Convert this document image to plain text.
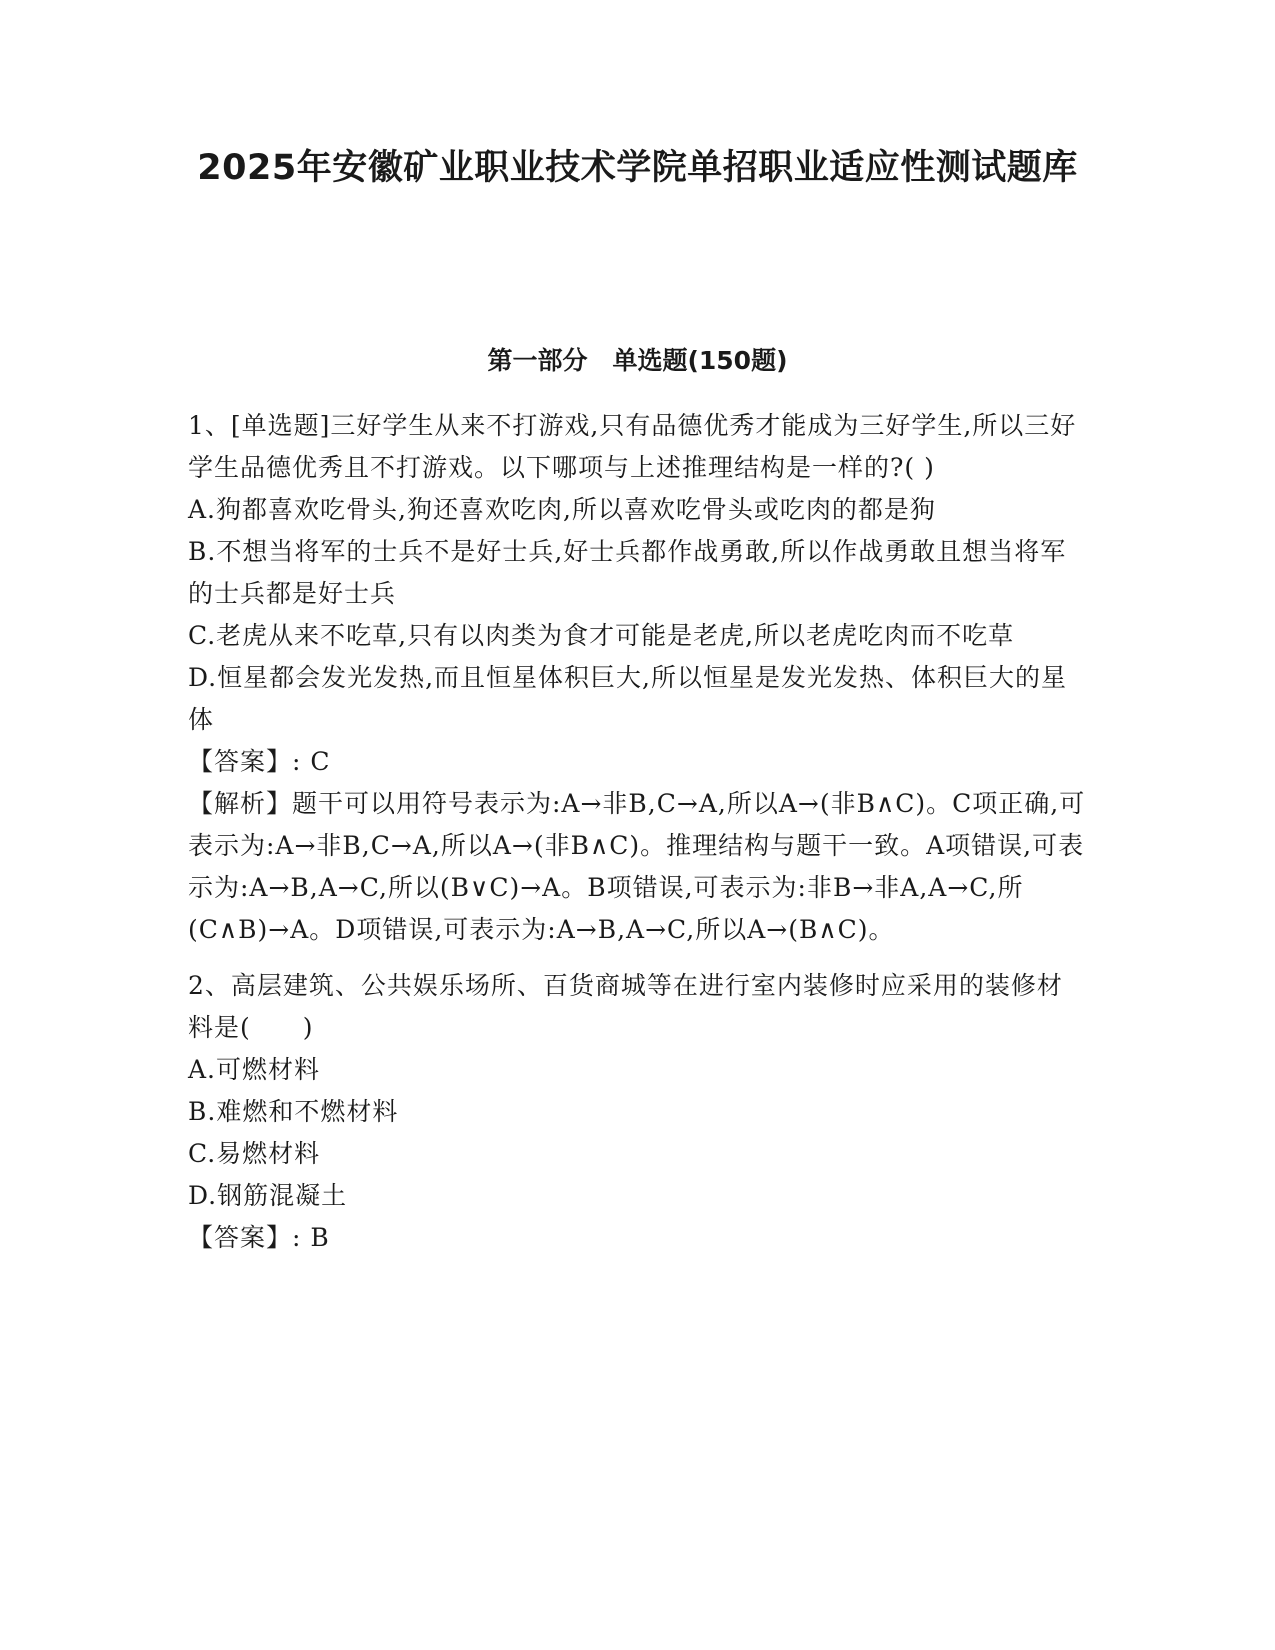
2025年安徽矿业职业技术学院单招职业适应性测试题库
第一部分　单选题(150题)

1、[单选题]三好学生从来不打游戏,只有品德优秀才能成为三好学生,所以三好学生品德优秀且不打游戏。以下哪项与上述推理结构是一样的?( )

A.狗都喜欢吃骨头,狗还喜欢吃肉,所以喜欢吃骨头或吃肉的都是狗

B.不想当将军的士兵不是好士兵,好士兵都作战勇敢,所以作战勇敢且想当将军的士兵都是好士兵

C.老虎从来不吃草,只有以肉类为食才可能是老虎,所以老虎吃肉而不吃草

D.恒星都会发光发热,而且恒星体积巨大,所以恒星是发光发热、体积巨大的星体

【答案】: C

【解析】题干可以用符号表示为:A→非B,C→A,所以A→(非B∧C)。C项正确,可表示为:A→非B,C→A,所以A→(非B∧C)。推理结构与题干一致。A项错误,可表示为:A→B,A→C,所以(B∨C)→A。B项错误,可表示为:非B→非A,A→C,所(C∧B)→A。D项错误,可表示为:A→B,A→C,所以A→(B∧C)。

2、高层建筑、公共娱乐场所、百货商城等在进行室内装修时应采用的装修材料是(　　)

A.可燃材料

B.难燃和不燃材料

C.易燃材料

D.钢筋混凝土

【答案】: B
